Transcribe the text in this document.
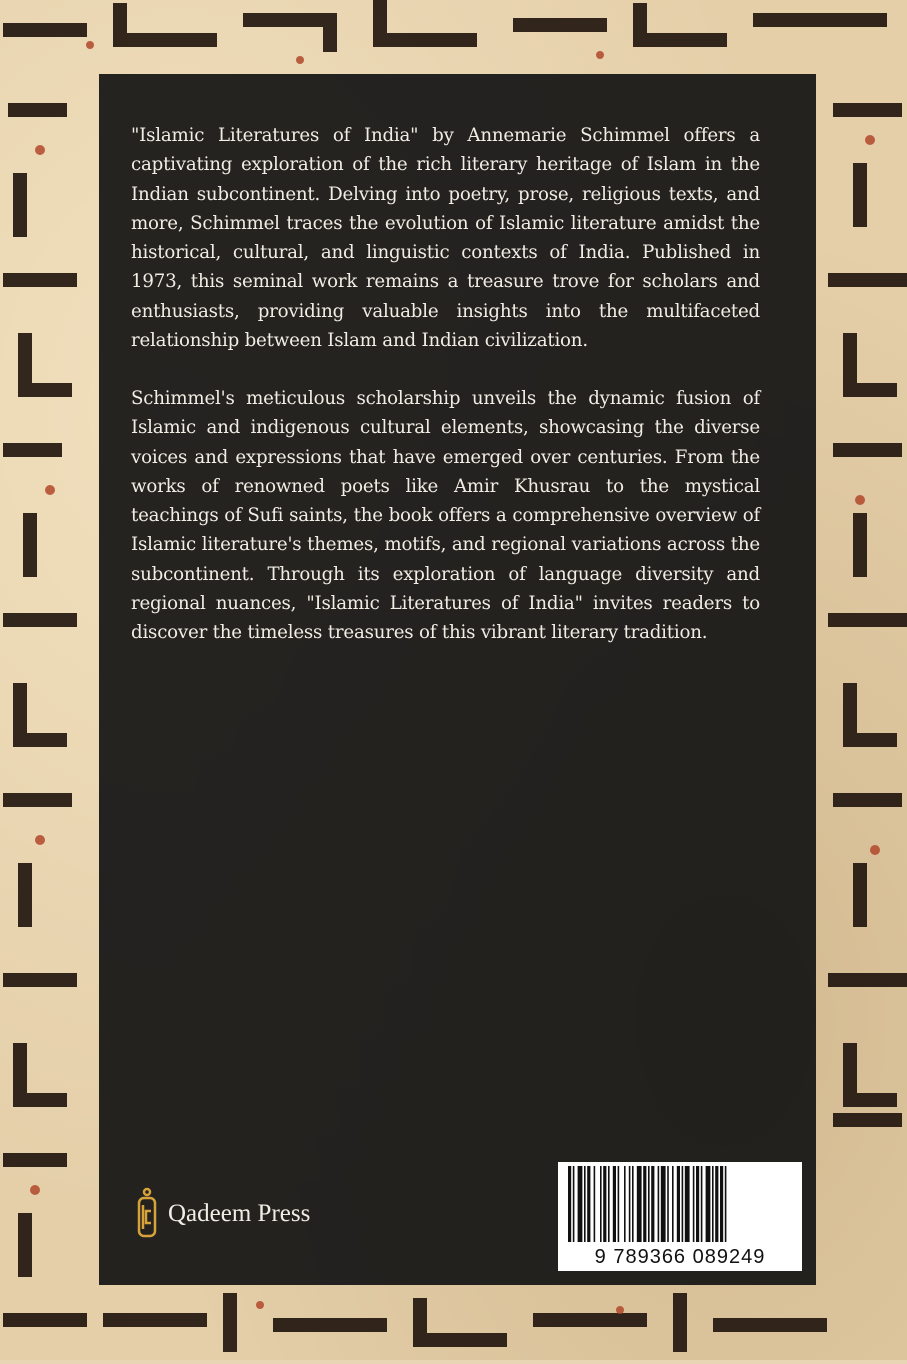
"Islamic Literatures of India" by Annemarie Schimmel offers a captivating exploration of the rich literary heritage of Islam in the Indian subcontinent. Delving into poetry, prose, religious texts, and more, Schimmel traces the evolution of Islamic literature amidst the historical, cultural, and linguistic contexts of India. Published in 1973, this seminal work remains a treasure trove for scholars and enthusiasts, providing valuable insights into the multifaceted relationship between Islam and Indian civilization.

Schimmel's meticulous scholarship unveils the dynamic fusion of Islamic and indigenous cultural elements, showcasing the diverse voices and expressions that have emerged over centuries. From the works of renowned poets like Amir Khusrau to the mystical teachings of Sufi saints, the book offers a comprehensive overview of Islamic literature's themes, motifs, and regional variations across the subcontinent. Through its exploration of language diversity and regional nuances, "Islamic Literatures of India" invites readers to discover the timeless treasures of this vibrant literary tradition.

Qadeem Press
9 789366 089249
